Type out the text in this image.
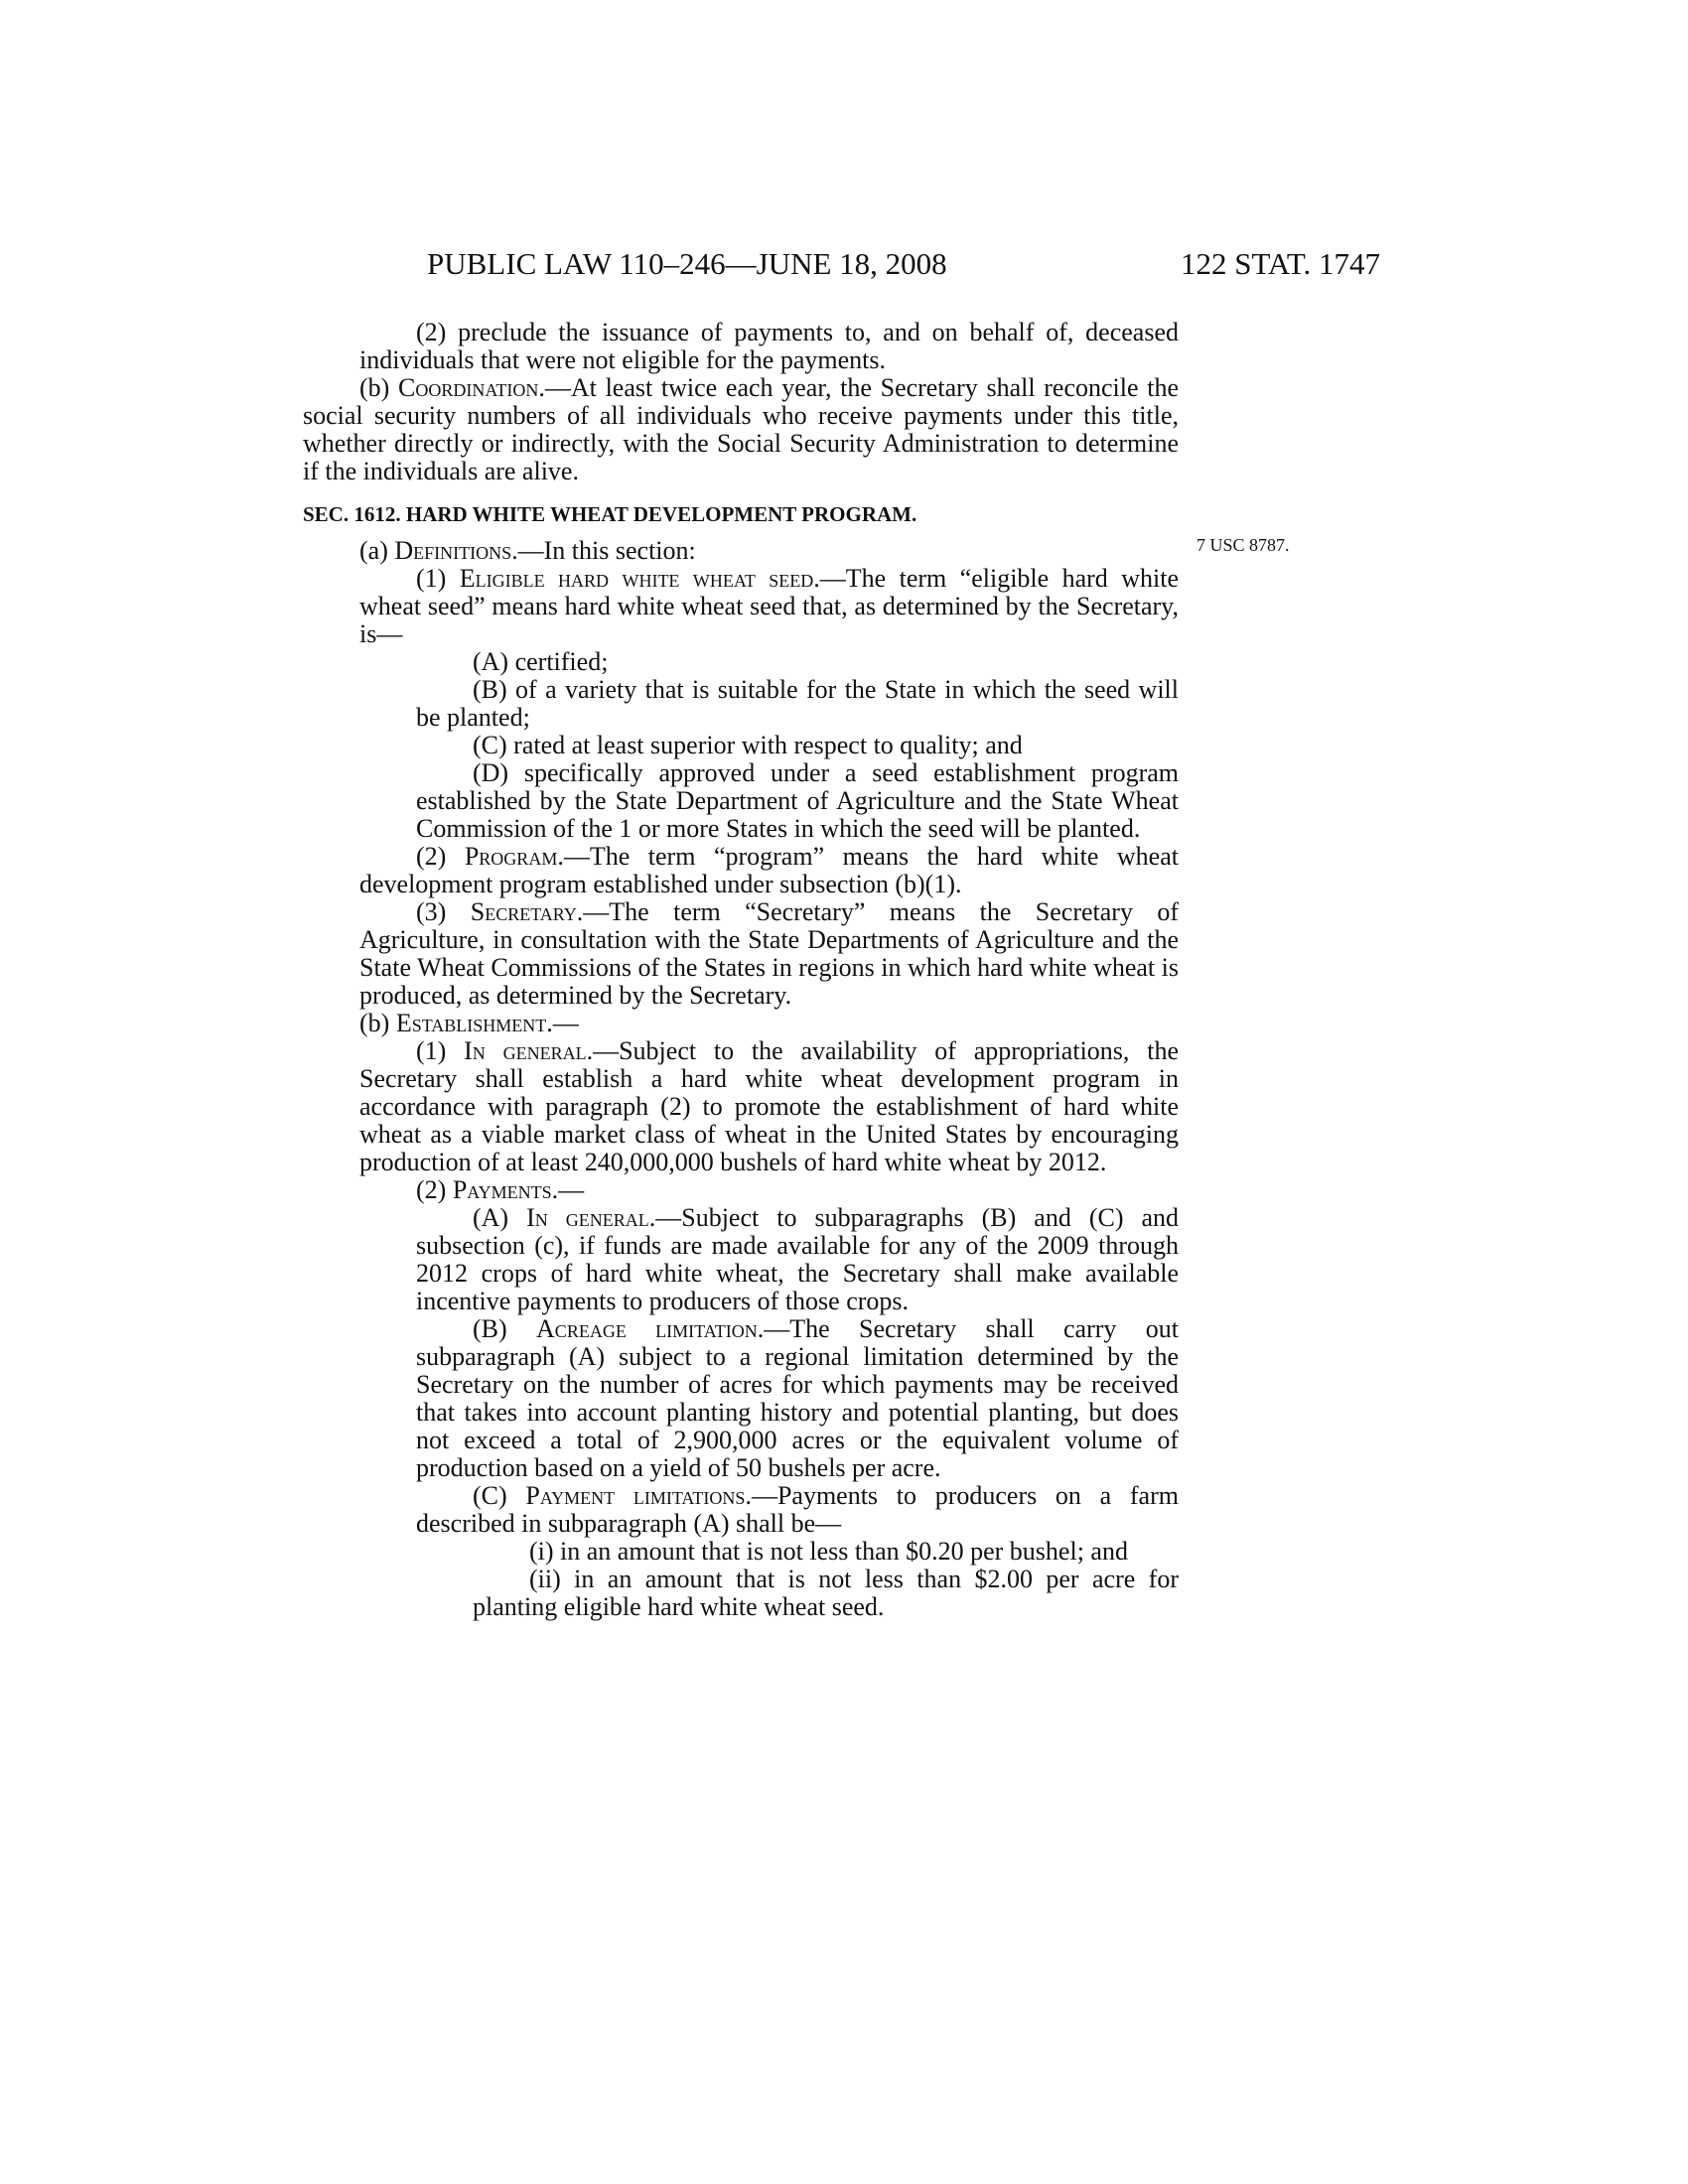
PUBLIC LAW 110–246—JUNE 18, 2008	122 STAT. 1747
7 USC 8787.

(2) preclude the issuance of payments to, and on behalf of, deceased individuals that were not eligible for the payments.

(b) Coordination.—At least twice each year, the Secretary shall reconcile the social security numbers of all individuals who receive payments under this title, whether directly or indirectly, with the Social Security Administration to determine if the individuals are alive.

SEC. 1612. HARD WHITE WHEAT DEVELOPMENT PROGRAM.

(a) Definitions.—In this section:

(1) Eligible hard white wheat seed.—The term “eligible hard white wheat seed” means hard white wheat seed that, as determined by the Secretary, is—

(A) certified;

(B) of a variety that is suitable for the State in which the seed will be planted;

(C) rated at least superior with respect to quality; and

(D) specifically approved under a seed establishment program established by the State Department of Agriculture and the State Wheat Commission of the 1 or more States in which the seed will be planted.

(2) Program.—The term “program” means the hard white wheat development program established under subsection (b)(1).

(3) Secretary.—The term “Secretary” means the Secretary of Agriculture, in consultation with the State Departments of Agriculture and the State Wheat Commissions of the States in regions in which hard white wheat is produced, as determined by the Secretary.

(b) Establishment.—

(1) In general.—Subject to the availability of appropriations, the Secretary shall establish a hard white wheat development program in accordance with paragraph (2) to promote the establishment of hard white wheat as a viable market class of wheat in the United States by encouraging production of at least 240,000,000 bushels of hard white wheat by 2012.

(2) Payments.—

(A) In general.—Subject to subparagraphs (B) and (C) and subsection (c), if funds are made available for any of the 2009 through 2012 crops of hard white wheat, the Secretary shall make available incentive payments to producers of those crops.

(B) Acreage limitation.—The Secretary shall carry out subparagraph (A) subject to a regional limitation determined by the Secretary on the number of acres for which payments may be received that takes into account planting history and potential planting, but does not exceed a total of 2,900,000 acres or the equivalent volume of production based on a yield of 50 bushels per acre.

(C) Payment limitations.—Payments to producers on a farm described in subparagraph (A) shall be—

(i) in an amount that is not less than $0.20 per bushel; and

(ii) in an amount that is not less than $2.00 per acre for planting eligible hard white wheat seed.
